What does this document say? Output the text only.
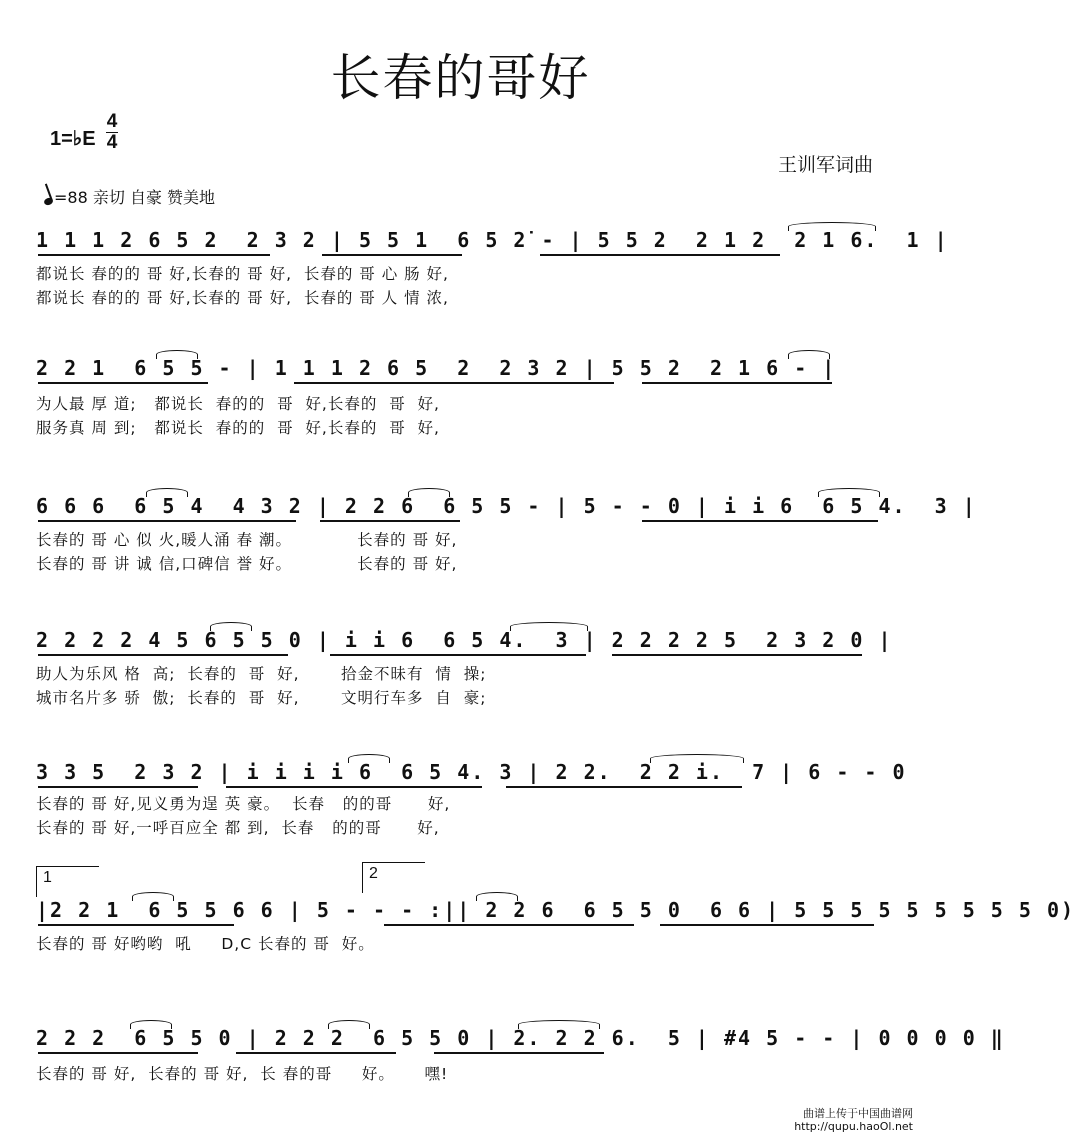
长春的哥好
1=♭E
4
4
王训军词曲
=88 亲切 自豪 赞美地
1 1 1 2 6 5 2  2 3 2 | 5 5 1  6 5 2̇ - | 5 5 2  2 1 2  2 1 6.  1 |
都说长 春的的 哥 好,长春的 哥 好,  长春的 哥 心 肠 好,
都说长 春的的 哥 好,长春的 哥 好,  长春的 哥 人 情 浓,
2 2 1  6 5 5 - | 1 1 1 2 6 5  2  2 3 2 | 5 5 2  2 1 6 - |
为人最 厚 道;   都说长  春的的  哥  好,长春的  哥  好,
服务真 周 到;   都说长  春的的  哥  好,长春的  哥  好,
6 6 6  6 5 4  4 3 2 | 2 2 6  6 5 5 - | 5 - - 0 | i i 6  6 5 4.  3 |
长春的 哥 心 似 火,暖人涌 春 潮。           长春的 哥 好,
长春的 哥 讲 诚 信,口碑信 誉 好。           长春的 哥 好,
2 2 2 2 4 5 6 5 5 0 | i i 6  6 5 4.  3 | 2 2 2 2 5  2 3 2 0 |
助人为乐风 格  高;  长春的  哥  好,       拾金不昧有  情  操;
城市名片多 骄  傲;  长春的  哥  好,       文明行车多  自  豪;
3 3 5  2 3 2 | i i i i 6  6 5 4. 3 | 2 2.  2 2 i.  7 | 6 - - 0
长春的 哥 好,见义勇为逞 英 豪。  长春   的的哥      好,
长春的 哥 好,一呼百应全 都 到,  长春   的的哥      好,
1	2
|2 2 1  6 5 5 6 6 | 5 - - - :|| 2 2 6  6 5 5 0  6 6 | 5 5 5 5 5 5 5 5 5 0)
长春的 哥 好哟哟  吼     D,C 长春的 哥  好。
2 2 2  6 5 5 0 | 2 2 2  6 5 5 0 | 2. 2 2 6.  5 | #4 5 - - | 0 0 0 0 ‖
长春的 哥 好,  长春的 哥 好,  长 春的哥     好。     嘿!
曲谱上传于中国曲谱网
http://qupu.haoOl.net
